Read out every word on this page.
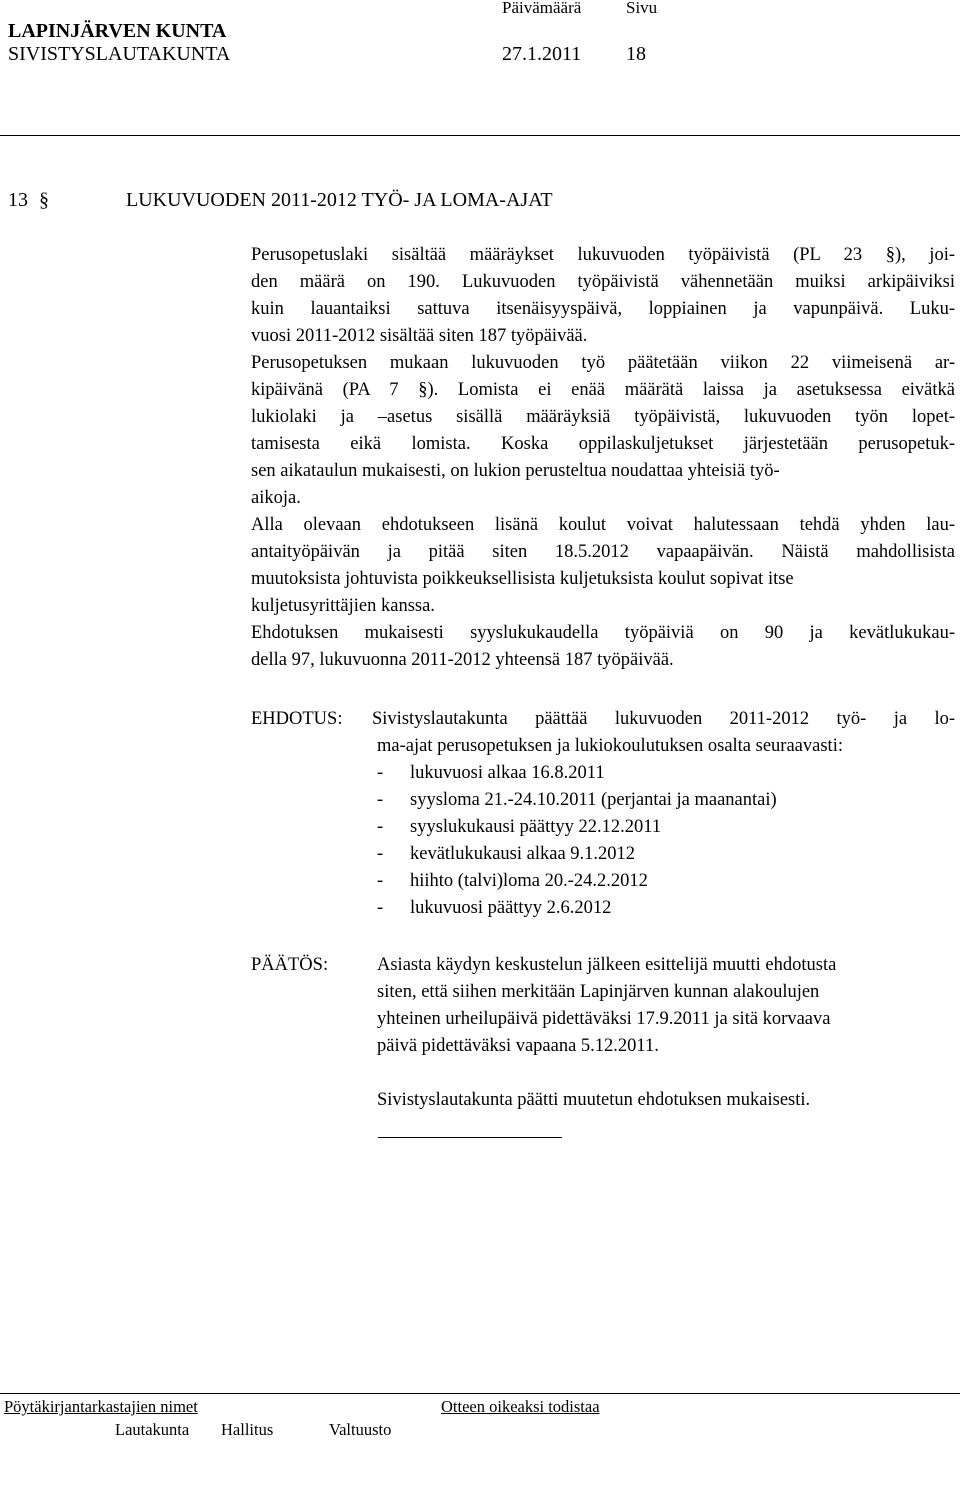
LAPINJÄRVEN KUNTA
SIVISTYSLAUTAKUNTA
Päivämäärä
27.1.2011
Sivu
18
13 §	LUKUVUODEN 2011-2012 TYÖ- JA LOMA-AJAT
Perusopetuslaki sisältää määräykset lukuvuoden työpäivistä (PL 23 §), joi-
den määrä on 190. Lukuvuoden työpäivistä vähennetään muiksi arkipäiviksi
kuin lauantaiksi sattuva itsenäisyyspäivä, loppiainen ja vapunpäivä. Luku-
vuosi 2011-2012 sisältää siten 187 työpäivää.
Perusopetuksen mukaan lukuvuoden työ päätetään viikon 22 viimeisenä ar-
kipäivänä (PA 7 §). Lomista ei enää määrätä laissa ja asetuksessa eivätkä
lukiolaki ja –asetus sisällä määräyksiä työpäivistä, lukuvuoden työn lopet-
tamisesta eikä lomista. Koska oppilaskuljetukset järjestetään perusopetuk-
sen aikataulun mukaisesti, on lukion perusteltua noudattaa yhteisiä työ-
aikoja.
Alla olevaan ehdotukseen lisänä koulut voivat halutessaan tehdä yhden lau-
antaityöpäivän ja pitää siten 18.5.2012 vapaapäivän. Näistä mahdollisista
muutoksista johtuvista poikkeuksellisista kuljetuksista koulut sopivat itse
kuljetusyrittäjien kanssa.
Ehdotuksen mukaisesti syyslukukaudella työpäiviä on 90 ja kevätlukukau-
della 97, lukuvuonna 2011-2012 yhteensä 187 työpäivää.
EHDOTUS: Sivistyslautakunta päättää lukuvuoden 2011-2012 työ- ja lo-
ma-ajat perusopetuksen ja lukiokoulutuksen osalta seuraavasti:
- lukuvuosi alkaa 16.8.2011
- syysloma 21.-24.10.2011 (perjantai ja maanantai)
- syyslukukausi päättyy 22.12.2011
- kevätlukukausi alkaa 9.1.2012
- hiihto (talvi)loma 20.-24.2.2012
- lukuvuosi päättyy 2.6.2012
PÄÄTÖS:	Asiasta käydyn keskustelun jälkeen esittelijä muutti ehdotusta
siten, että siihen merkitään Lapinjärven kunnan alakoulujen
yhteinen urheilupäivä pidettäväksi 17.9.2011 ja sitä korvaava
päivä pidettäväksi vapaana 5.12.2011.
Sivistyslautakunta päätti muutetun ehdotuksen mukaisesti.
Pöytäkirjantarkastajien nimet	Otteen oikeaksi todistaa
Lautakunta Hallitus	Valtuusto
